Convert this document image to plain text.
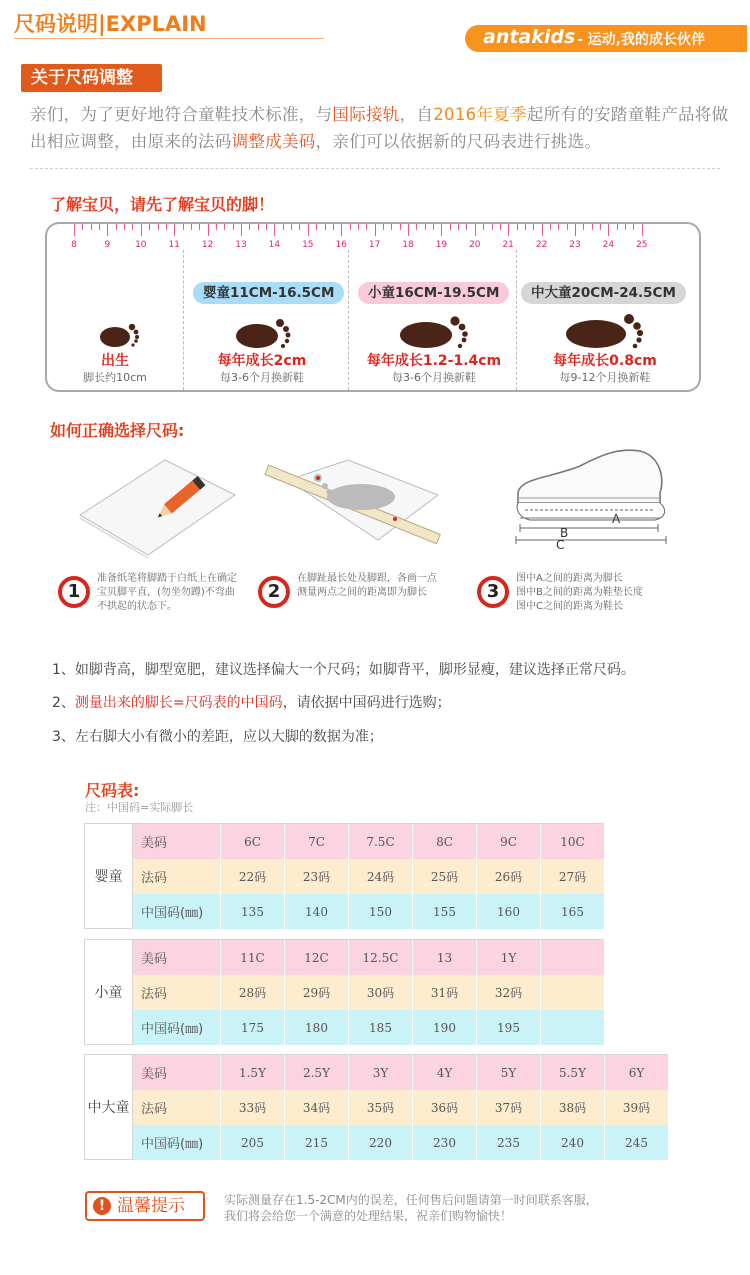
尺码说明|EXPLAIN
antakids - 运动,我的成长伙伴
关于尺码调整
亲们，为了更好地符合童鞋技术标准，与国际接轨，自2016年夏季起所有的安踏童鞋产品将做出相应调整，由原来的法码调整成美码，亲们可以依据新的尺码表进行挑选。
了解宝贝，请先了解宝贝的脚！
出生
脚长约10cm
婴童11CM-16.5CM
每年成长2cm
每3-6个月换新鞋
小童16CM-19.5CM
每年成长1.2-1.4cm
每3-6个月换新鞋
中大童20CM-24.5CM
每年成长0.8cm
每9-12个月换新鞋
8	9	10	11	12	13	14	15	16	17	18	19	20	21	22	23	24	25
如何正确选择尺码:
A
B
C
1
准备纸笔将脚踏于白纸上在确定
宝贝脚平直，(勿坐勿蹲)不弯曲
不拱起的状态下。
2
在脚趾最长处及脚跟，各画一点
测量两点之间的距离即为脚长	3
图中A之间的距离为脚长
图中B之间的距离为鞋垫长度
图中C之间的距离为鞋长
1、如脚背高，脚型宽肥，建议选择偏大一个尺码；如脚背平，脚形显瘦，建议选择正常尺码。
2、测量出来的脚长=尺码表的中国码，请依据中国码进行选购；
3、左右脚大小有微小的差距，应以大脚的数据为准；
尺码表:
注：中国码=实际脚长
婴童
美码	6C	7C	7.5C	8C	9C	10C
法码	22码	23码	24码	25码	26码	27码
中国码(㎜)	135	140	150	155	160	165
小童
美码	11C	12C	12.5C	13	1Y
法码	28码	29码	30码	31码	32码
中国码(㎜)	175	180	185	190	195
中大童
美码	1.5Y	2.5Y	3Y	4Y	5Y	5.5Y	6Y
法码	33码	34码	35码	36码	37码	38码	39码
中国码(㎜)	205	215	220	230	235	240	245
! 温馨提示	实际测量存在1.5-2CM内的误差，任何售后问题请第一时间联系客服，
我们将会给您一个满意的处理结果，祝亲们购物愉快！
